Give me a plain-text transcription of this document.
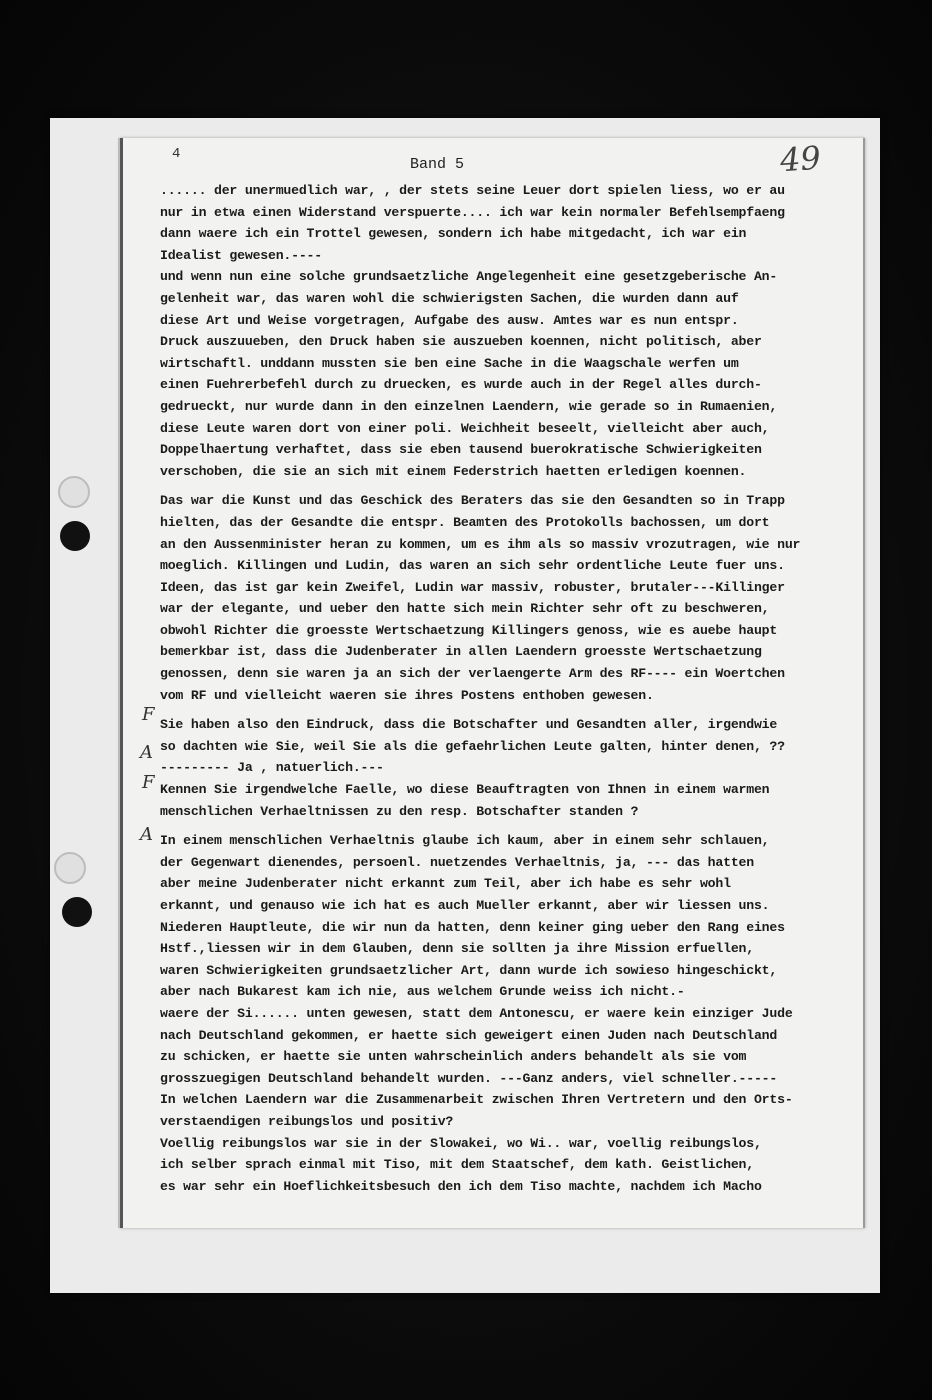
4
Band 5	49
F
A
F
A
...... der unermuedlich war, , der stets seine Leuer dort spielen liess, wo er au
nur in etwa einen Widerstand verspuerte.... ich war kein normaler Befehlsempfaeng
dann waere ich ein Trottel gewesen, sondern ich habe mitgedacht, ich war ein
Idealist gewesen.----
und wenn nun eine solche grundsaetzliche Angelegenheit eine gesetzgeberische An-
gelenheit war, das waren wohl die schwierigsten Sachen, die wurden dann auf
diese Art und Weise vorgetragen, Aufgabe des ausw. Amtes war es nun entspr.
Druck auszuueben, den Druck haben sie auszueben koennen, nicht politisch, aber
wirtschaftl. unddann mussten sie ben eine Sache in die Waagschale werfen um
einen Fuehrerbefehl durch zu druecken, es wurde auch in der Regel alles durch-
gedrueckt, nur wurde dann in den einzelnen Laendern, wie gerade so in Rumaenien,
diese Leute waren dort von einer poli. Weichheit beseelt, vielleicht aber auch,
Doppelhaertung verhaftet, dass sie eben tausend buerokratische Schwierigkeiten
verschoben, die sie an sich mit einem Federstrich haetten erledigen koennen.
Das war die Kunst und das Geschick des Beraters das sie den Gesandten so in Trapp
hielten, das der Gesandte die entspr. Beamten des Protokolls bachossen, um dort
an den Aussenminister heran zu kommen, um es ihm als so massiv vrozutragen, wie nur
moeglich. Killingen und Ludin, das waren an sich sehr ordentliche Leute fuer uns.
Ideen, das ist gar kein Zweifel, Ludin war massiv, robuster, brutaler---Killinger
war der elegante, und ueber den hatte sich mein Richter sehr oft zu beschweren,
obwohl Richter die groesste Wertschaetzung Killingers genoss, wie es auebe haupt
bemerkbar ist, dass die Judenberater in allen Laendern groesste Wertschaetzung
genossen, denn sie waren ja an sich der verlaengerte Arm des RF---- ein Woertchen
vom RF und vielleicht waeren sie ihres Postens enthoben gewesen.
Sie haben also den Eindruck, dass die Botschafter und Gesandten aller, irgendwie
so dachten wie Sie, weil Sie als die gefaehrlichen Leute galten, hinter denen, ??
--------- Ja , natuerlich.---
Kennen Sie irgendwelche Faelle, wo diese Beauftragten von Ihnen in einem warmen
menschlichen Verhaeltnissen zu den resp. Botschafter standen ?
In einem menschlichen Verhaeltnis glaube ich kaum, aber in einem sehr schlauen,
der Gegenwart dienendes, persoenl. nuetzendes Verhaeltnis, ja, --- das hatten
aber meine Judenberater nicht erkannt zum Teil, aber ich habe es sehr wohl
erkannt, und genauso wie ich hat es auch Mueller erkannt, aber wir liessen uns.
Niederen Hauptleute, die wir nun da hatten, denn keiner ging ueber den Rang eines
Hstf.,liessen wir in dem Glauben, denn sie sollten ja ihre Mission erfuellen,
waren Schwierigkeiten grundsaetzlicher Art, dann wurde ich sowieso hingeschickt,
aber nach Bukarest kam ich nie, aus welchem Grunde weiss ich nicht.-
waere der Si...... unten gewesen, statt dem Antonescu, er waere kein einziger Jude
nach Deutschland gekommen, er haette sich geweigert einen Juden nach Deutschland
zu schicken, er haette sie unten wahrscheinlich anders behandelt als sie vom
grosszuegigen Deutschland behandelt wurden. ---Ganz anders, viel schneller.-----
In welchen Laendern war die Zusammenarbeit zwischen Ihren Vertretern und den Orts-
verstaendigen reibungslos und positiv?
Voellig reibungslos war sie in der Slowakei, wo Wi.. war, voellig reibungslos,
ich selber sprach einmal mit Tiso, mit dem Staatschef, dem kath. Geistlichen,
es war sehr ein Hoeflichkeitsbesuch den ich dem Tiso machte, nachdem ich Macho
